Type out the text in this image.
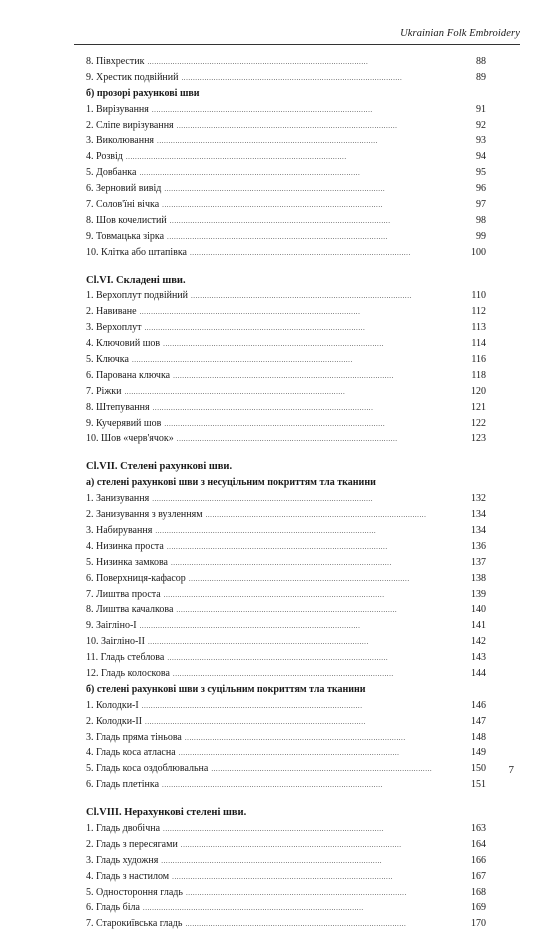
Ukrainian Folk Embroidery
8. Півхрестик . . .	88
9. Хрестик подвійний . . .	89
б) прозорі рахункові шви
1. Вирізування . . .	91
2. Сліпе вирізування . . .	92
3. Виколювання . . .	93
4. Розвід . . .	94
5. Довбанка . . .	95
6. Зерновий вивід . . .	96
7. Солов'їні вічка . . .	97
8. Шов кочелистий . . .	98
9. Товмацька зірка . . .	99
10. Клітка або штапівка . . .	100
Cl.VI. Складені шви.
1. Верхоплут подвійний . . .	110
2. Навиване . . .	112
3. Верхоплут . . .	113
4. Ключовий шов . . .	114
5. Ключка . . .	116
6. Парована ключка . . .	118
7. Ріжки . . .	120
8. Штепування . . .	121
9. Кучерявий шов . . .	122
10. Шов «черв'ячок» . . .	123
Cl.VII. Стелені рахункові шви.
а) стелені рахункові шви з несуцільним покриттям тла тканини
1. Занизування . . .	132
2. Занизування з вузленням . . .	134
3. Набирування . . .	134
4. Низинка проста . . .	136
5. Низинка замкова . . .	137
6. Поверхниця-кафасор . . .	138
7. Лиштва проста . . .	139
8. Лиштва качалкова . . .	140
9. Заігліно-І . . .	141
10. Заігліно-ІІ . . .	142
11. Гладь стеблова . . .	143
12. Гладь колоскова . . .	144
б) стелені рахункові шви з суцільним покриттям тла тканини
1. Колодки-І . . .	146
2. Колодки-ІІ . . .	147
3. Гладь пряма тіньова . . .	148
4. Гладь коса атласна . . .	149
5. Гладь коса оздоблювальна . . .	150
6. Гладь плетінка . . .	151
Cl.VIII. Нерахункові стелені шви.
1. Гладь двобічна . . .	163
2. Гладь з пересягами . . .	164
3. Гладь художня . . .	166
4. Гладь з настилом . . .	167
5. Одностороння гладь . . .	168
6. Гладь біла . . .	169
7. Старокиївська гладь . . .	170
7
